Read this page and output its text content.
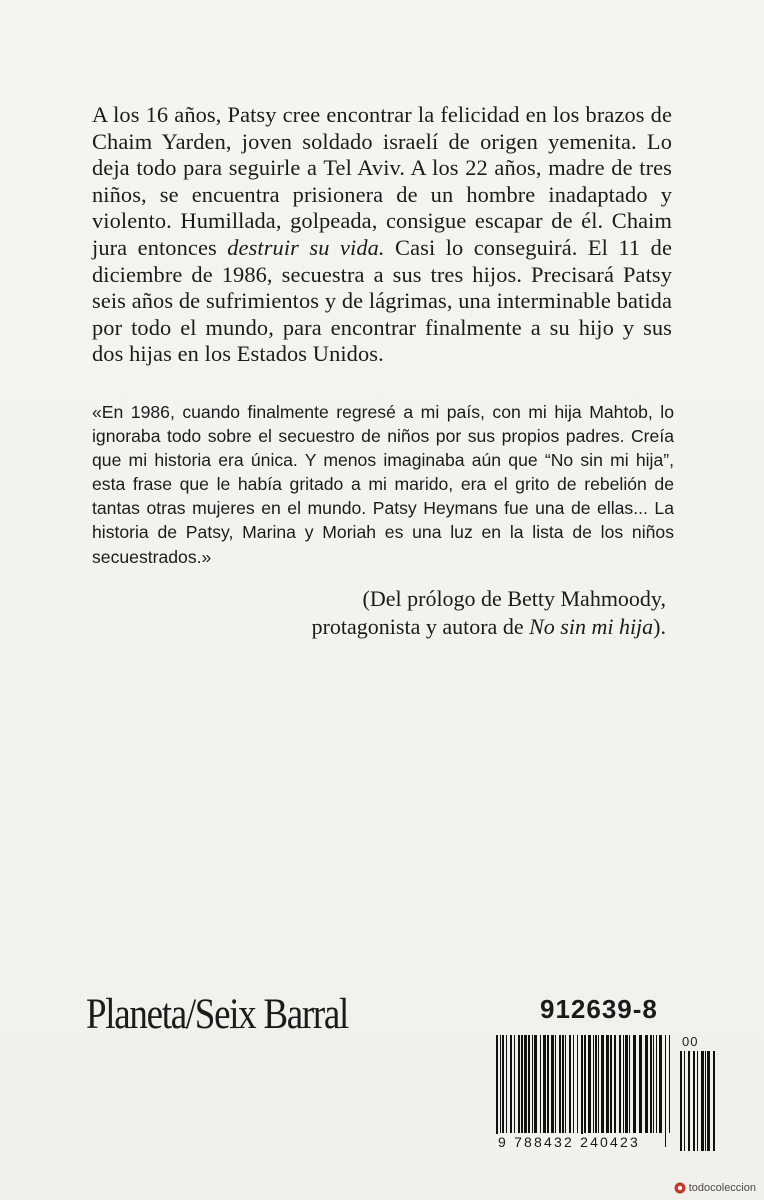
A los 16 años, Patsy cree encontrar la felicidad en los brazos de Chaim Yarden, joven soldado israelí de origen yemenita. Lo deja todo para seguirle a Tel Aviv. A los 22 años, madre de tres niños, se encuentra prisionera de un hombre inadaptado y violento. Humillada, golpeada, consigue escapar de él. Chaim jura entonces destruir su vida. Casi lo conseguirá. El 11 de diciembre de 1986, secuestra a sus tres hijos. Precisará Patsy seis años de sufrimientos y de lágrimas, una interminable batida por todo el mundo, para encontrar finalmente a su hijo y sus dos hijas en los Estados Unidos.

«En 1986, cuando finalmente regresé a mi país, con mi hija Mahtob, lo ignoraba todo sobre el secuestro de niños por sus propios padres. Creía que mi historia era única. Y menos imaginaba aún que “No sin mi hija”, esta frase que le había gritado a mi marido, era el grito de rebelión de tantas otras mujeres en el mundo. Patsy Heymans fue una de ellas... La historia de Patsy, Marina y Moriah es una luz en la lista de los niños secuestrados.»

(Del prólogo de Betty Mahmoody,
protagonista y autora de No sin mi hija).
Planeta/Seix Barral	912639-8
9 788432 240423
00
todocoleccion
